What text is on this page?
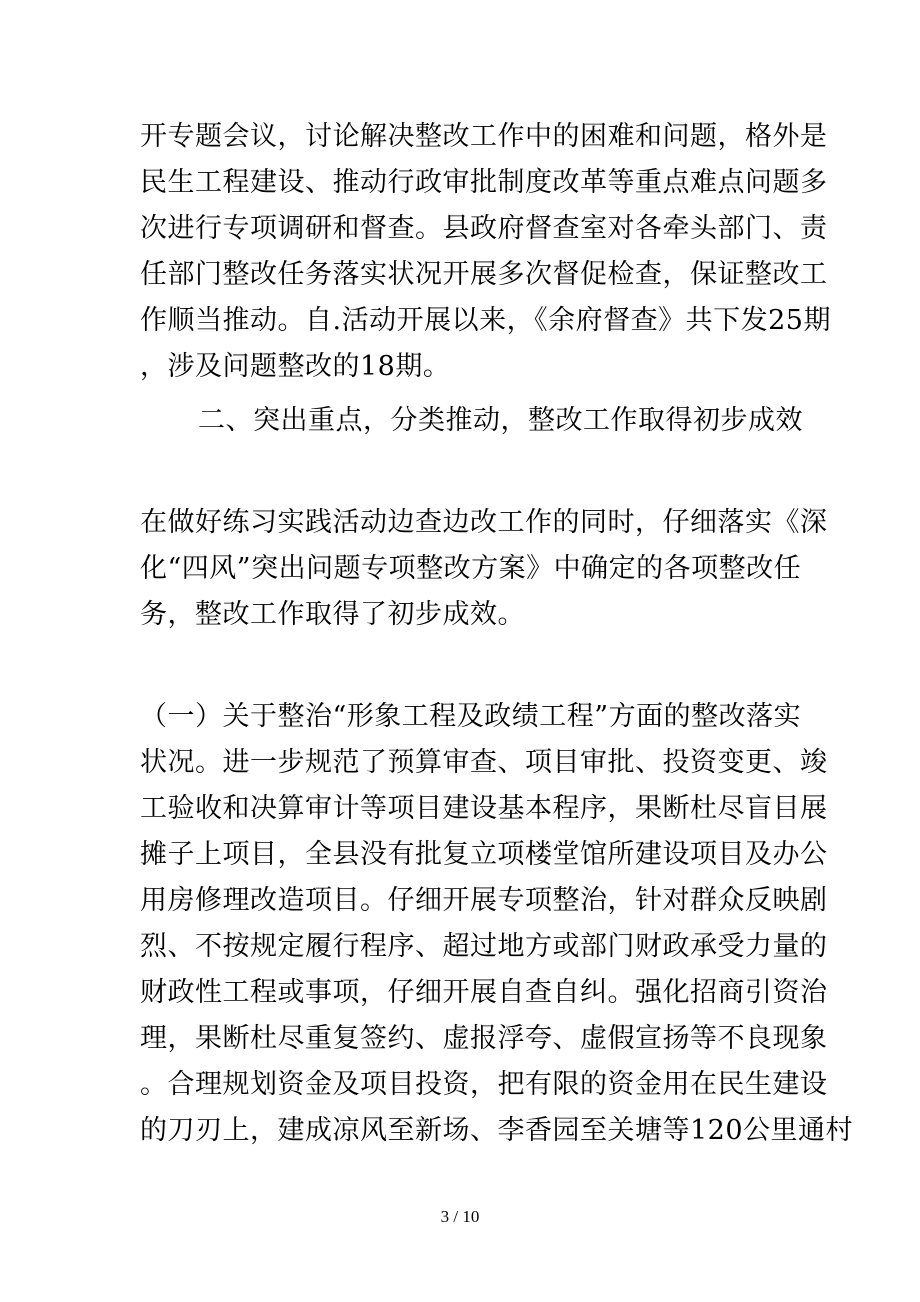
开专题会议，讨论解决整改工作中的困难和问题，格外是
民生工程建设、推动行政审批制度改革等重点难点问题多
次进行专项调研和督查。县政府督查室对各牵头部门、责
任部门整改任务落实状况开展多次督促检查，保证整改工
作顺当推动。自.活动开展以来，《余府督查》共下发25期
，涉及问题整改的18期。
二、突出重点，分类推动，整改工作取得初步成效
在做好练习实践活动边查边改工作的同时，仔细落实《深
化“四风”突出问题专项整改方案》中确定的各项整改任
务，整改工作取得了初步成效。
（一）关于整治“形象工程及政绩工程”方面的整改落实
状况。进一步规范了预算审查、项目审批、投资变更、竣
工验收和决算审计等项目建设基本程序，果断杜尽盲目展
摊子上项目，全县没有批复立项楼堂馆所建设项目及办公
用房修理改造项目。仔细开展专项整治，针对群众反映剧
烈、不按规定履行程序、超过地方或部门财政承受力量的
财政性工程或事项，仔细开展自查自纠。强化招商引资治
理，果断杜尽重复签约、虚报浮夸、虚假宣扬等不良现象
。合理规划资金及项目投资，把有限的资金用在民生建设
的刀刃上，建成凉风至新场、李香园至关塘等120公里通村
3 / 10
